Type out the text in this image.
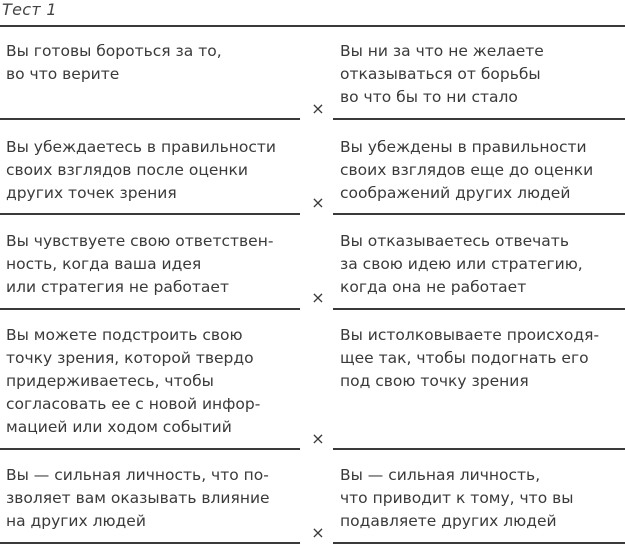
Тест 1
Вы готовы бороться за то,
во что верите
Вы ни за что не желаете
отказываться от борьбы
во что бы то ни стало
×
Вы убеждаетесь в правильности
своих взглядов после оценки
других точек зрения
Вы убеждены в правильности
своих взглядов еще до оценки
соображений других людей
×
Вы чувствуете свою ответствен-
ность, когда ваша идея
или стратегия не работает
Вы отказываетесь отвечать
за свою идею или стратегию,
когда она не работает
×
Вы можете подстроить свою
точку зрения, которой твердо
придерживаетесь, чтобы
согласовать ее с новой инфор-
мацией или ходом событий
Вы истолковываете происходя-
щее так, чтобы подогнать его
под свою точку зрения
×
Вы — сильная личность, что по-
зволяет вам оказывать влияние
на других людей
Вы — сильная личность,
что приводит к тому, что вы
подавляете других людей
×
